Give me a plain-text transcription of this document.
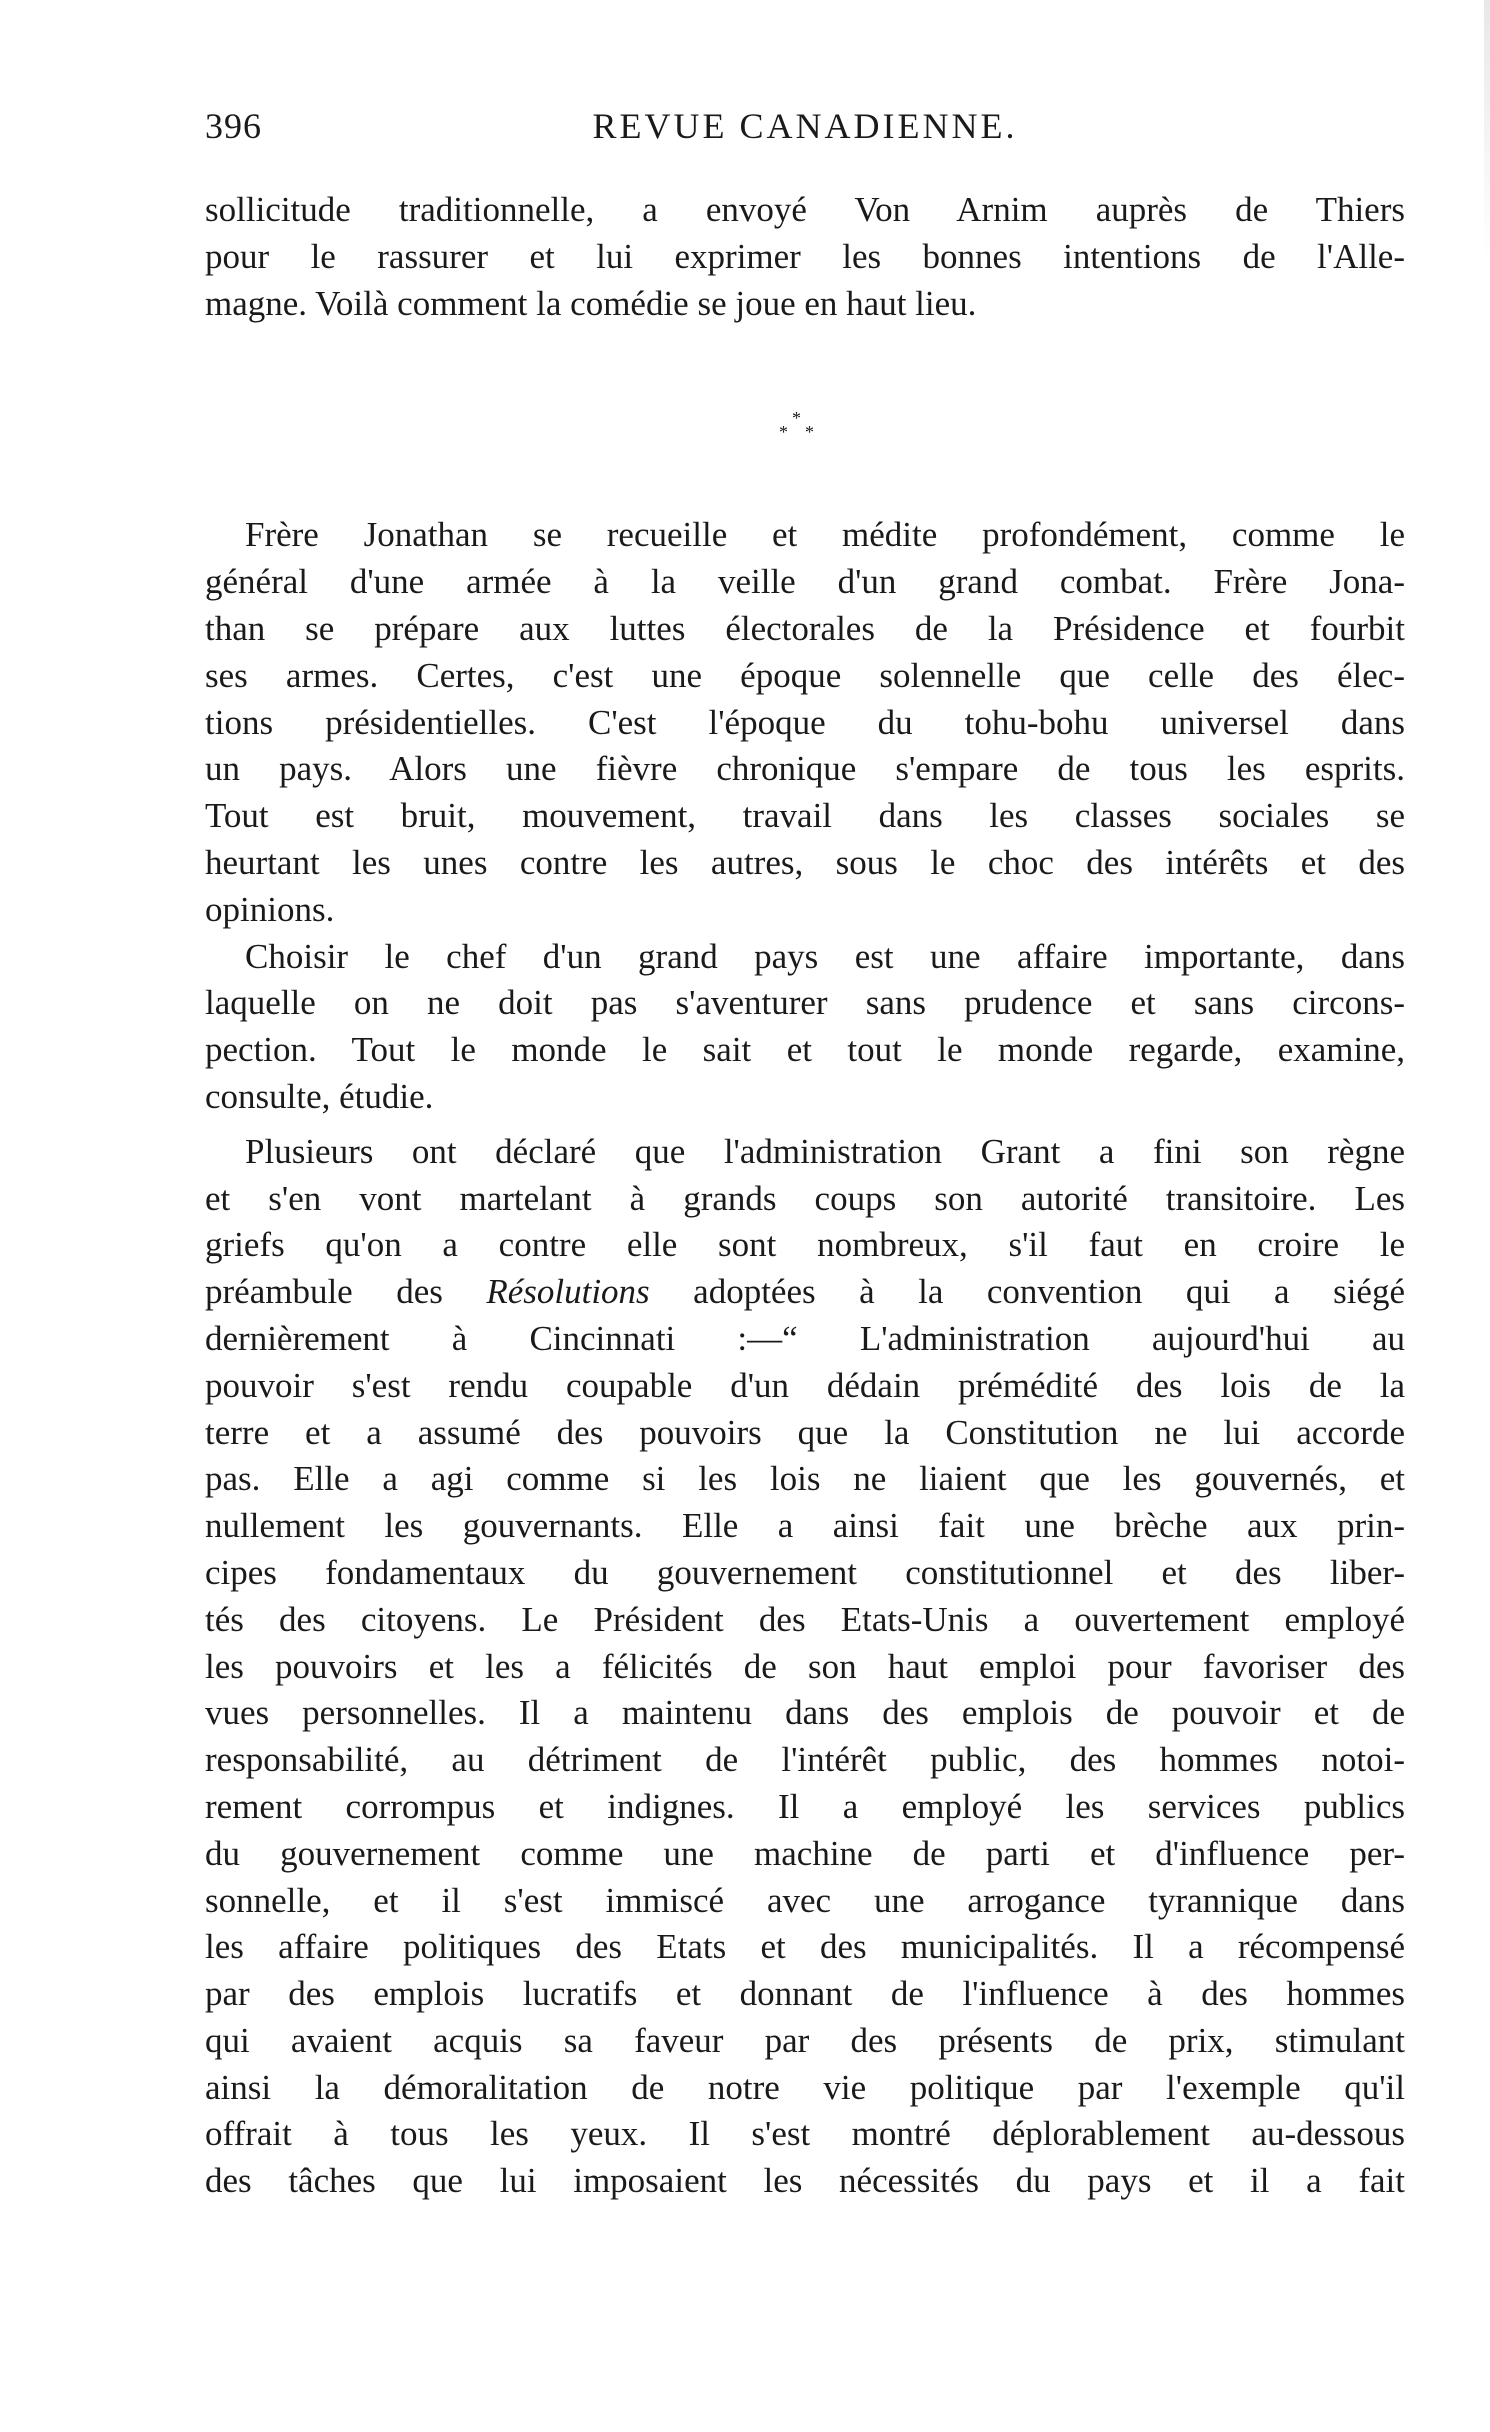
396	REVUE CANADIENNE.
sollicitude traditionnelle, a envoyé Von Arnim auprès de Thiers
pour le rassurer et lui exprimer les bonnes intentions de l'Alle-
magne. Voilà comment la comédie se joue en haut lieu.
*
* *
Frère Jonathan se recueille et médite profondément, comme le
général d'une armée à la veille d'un grand combat. Frère Jona-
than se prépare aux luttes électorales de la Présidence et fourbit
ses armes. Certes, c'est une époque solennelle que celle des élec-
tions présidentielles. C'est l'époque du tohu-bohu universel dans
un pays. Alors une fièvre chronique s'empare de tous les esprits.
Tout est bruit, mouvement, travail dans les classes sociales se
heurtant les unes contre les autres, sous le choc des intérêts et des
opinions.
Choisir le chef d'un grand pays est une affaire importante, dans
laquelle on ne doit pas s'aventurer sans prudence et sans circons-
pection. Tout le monde le sait et tout le monde regarde, examine,
consulte, étudie.
Plusieurs ont déclaré que l'administration Grant a fini son règne
et s'en vont martelant à grands coups son autorité transitoire. Les
griefs qu'on a contre elle sont nombreux, s'il faut en croire le
préambule des Résolutions adoptées à la convention qui a siégé
dernièrement à Cincinnati :—“ L'administration aujourd'hui au
pouvoir s'est rendu coupable d'un dédain prémédité des lois de la
terre et a assumé des pouvoirs que la Constitution ne lui accorde
pas. Elle a agi comme si les lois ne liaient que les gouvernés, et
nullement les gouvernants. Elle a ainsi fait une brèche aux prin-
cipes fondamentaux du gouvernement constitutionnel et des liber-
tés des citoyens. Le Président des Etats-Unis a ouvertement employé
les pouvoirs et les a félicités de son haut emploi pour favoriser des
vues personnelles. Il a maintenu dans des emplois de pouvoir et de
responsabilité, au détriment de l'intérêt public, des hommes notoi-
rement corrompus et indignes. Il a employé les services publics
du gouvernement comme une machine de parti et d'influence per-
sonnelle, et il s'est immiscé avec une arrogance tyrannique dans
les affaire politiques des Etats et des municipalités. Il a récompensé
par des emplois lucratifs et donnant de l'influence à des hommes
qui avaient acquis sa faveur par des présents de prix, stimulant
ainsi la démoralitation de notre vie politique par l'exemple qu'il
offrait à tous les yeux. Il s'est montré déplorablement au-dessous
des tâches que lui imposaient les nécessités du pays et il a fait
